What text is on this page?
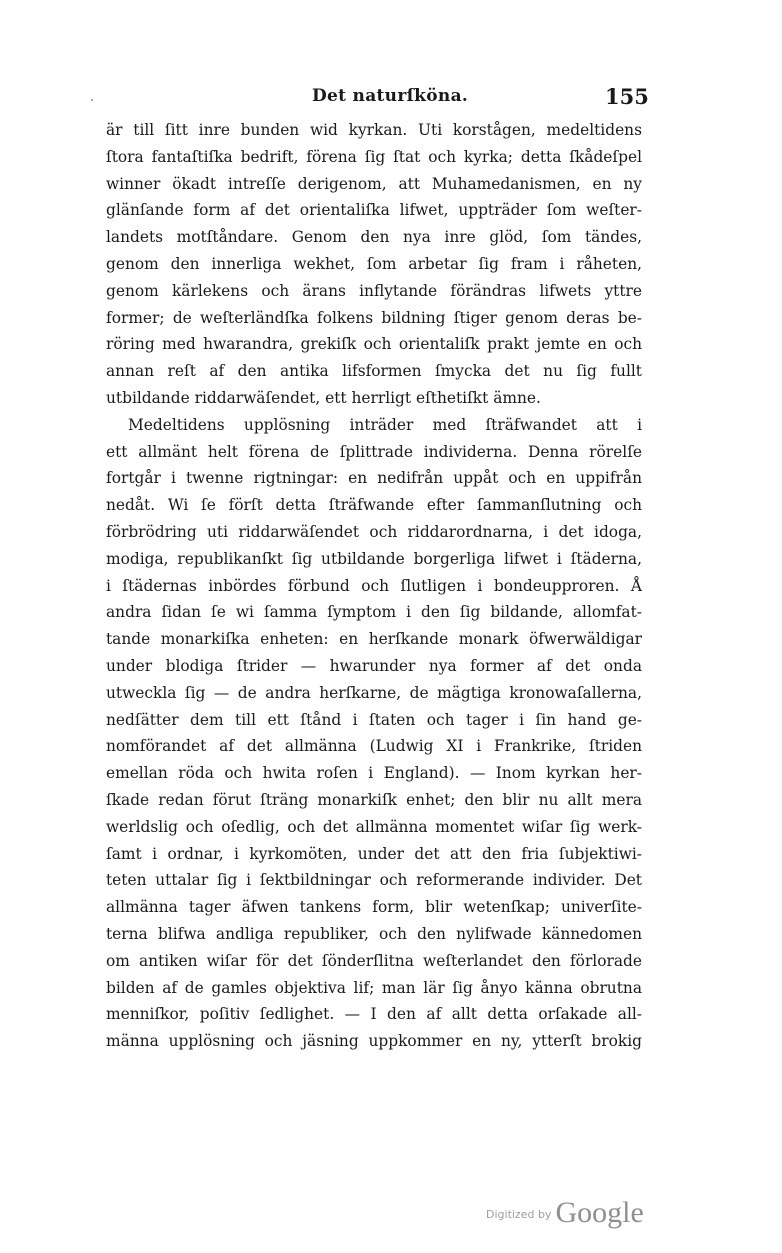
Det naturſköna.	155
är till ſitt inre bunden wid kyrkan. Uti korstågen, medeltidens
ſtora fantaſtiſka bedrift, förena ſig ſtat och kyrka; detta ſkådeſpel
winner ökadt intreſſe derigenom, att Muhamedanismen, en ny
glänſande form af det orientaliſka lifwet, uppträder ſom weſter-
landets motſtåndare. Genom den nya inre glöd, ſom tändes,
genom den innerliga wekhet, ſom arbetar ſig fram i råheten,
genom kärlekens och ärans inflytande förändras lifwets yttre
former; de weſterländſka folkens bildning ſtiger genom deras be-
röring med hwarandra, grekiſk och orientaliſk prakt jemte en och
annan reſt af den antika lifsformen ſmycka det nu ſig fullt
utbildande riddarwäſendet, ett herrligt eſthetiſkt ämne.
Medeltidens upplösning inträder med ſträfwandet att i
ett allmänt helt förena de ſplittrade individerna. Denna rörelſe
fortgår i twenne rigtningar: en nedifrån uppåt och en uppifrån
nedåt. Wi ſe förſt detta ſträfwande efter ſammanſlutning och
förbrödring uti riddarwäſendet och riddarordnarna, i det idoga,
modiga, republikanſkt ſig utbildande borgerliga lifwet i ſtäderna,
i ſtädernas inbördes förbund och ſlutligen i bondeupproren. Å
andra ſidan ſe wi ſamma ſymptom i den ſig bildande, allomfat-
tande monarkiſka enheten: en herſkande monark öfwerwäldigar
under blodiga ſtrider — hwarunder nya former af det onda
utweckla ſig — de andra herſkarne, de mägtiga kronowaſallerna,
nedſätter dem till ett ſtånd i ſtaten och tager i ſin hand ge-
nomförandet af det allmänna (Ludwig XI i Frankrike, ſtriden
emellan röda och hwita roſen i England). — Inom kyrkan her-
ſkade redan förut ſträng monarkiſk enhet; den blir nu allt mera
werldslig och oſedlig, och det allmänna momentet wiſar ſig werk-
ſamt i ordnar, i kyrkomöten, under det att den fria ſubjektiwi-
teten uttalar ſig i ſektbildningar och reformerande individer. Det
allmänna tager äfwen tankens form, blir wetenſkap; univerſite-
terna blifwa andliga republiker, och den nylifwade kännedomen
om antiken wiſar för det ſönderſlitna weſterlandet den förlorade
bilden af de gamles objektiva lif; man lär ſig ånyo känna obrutna
menniſkor, poſitiv ſedlighet. — I den af allt detta orſakade all-
männa upplösning och jäsning uppkommer en ny, ytterſt brokig
$^{Digitized by}$ Google
